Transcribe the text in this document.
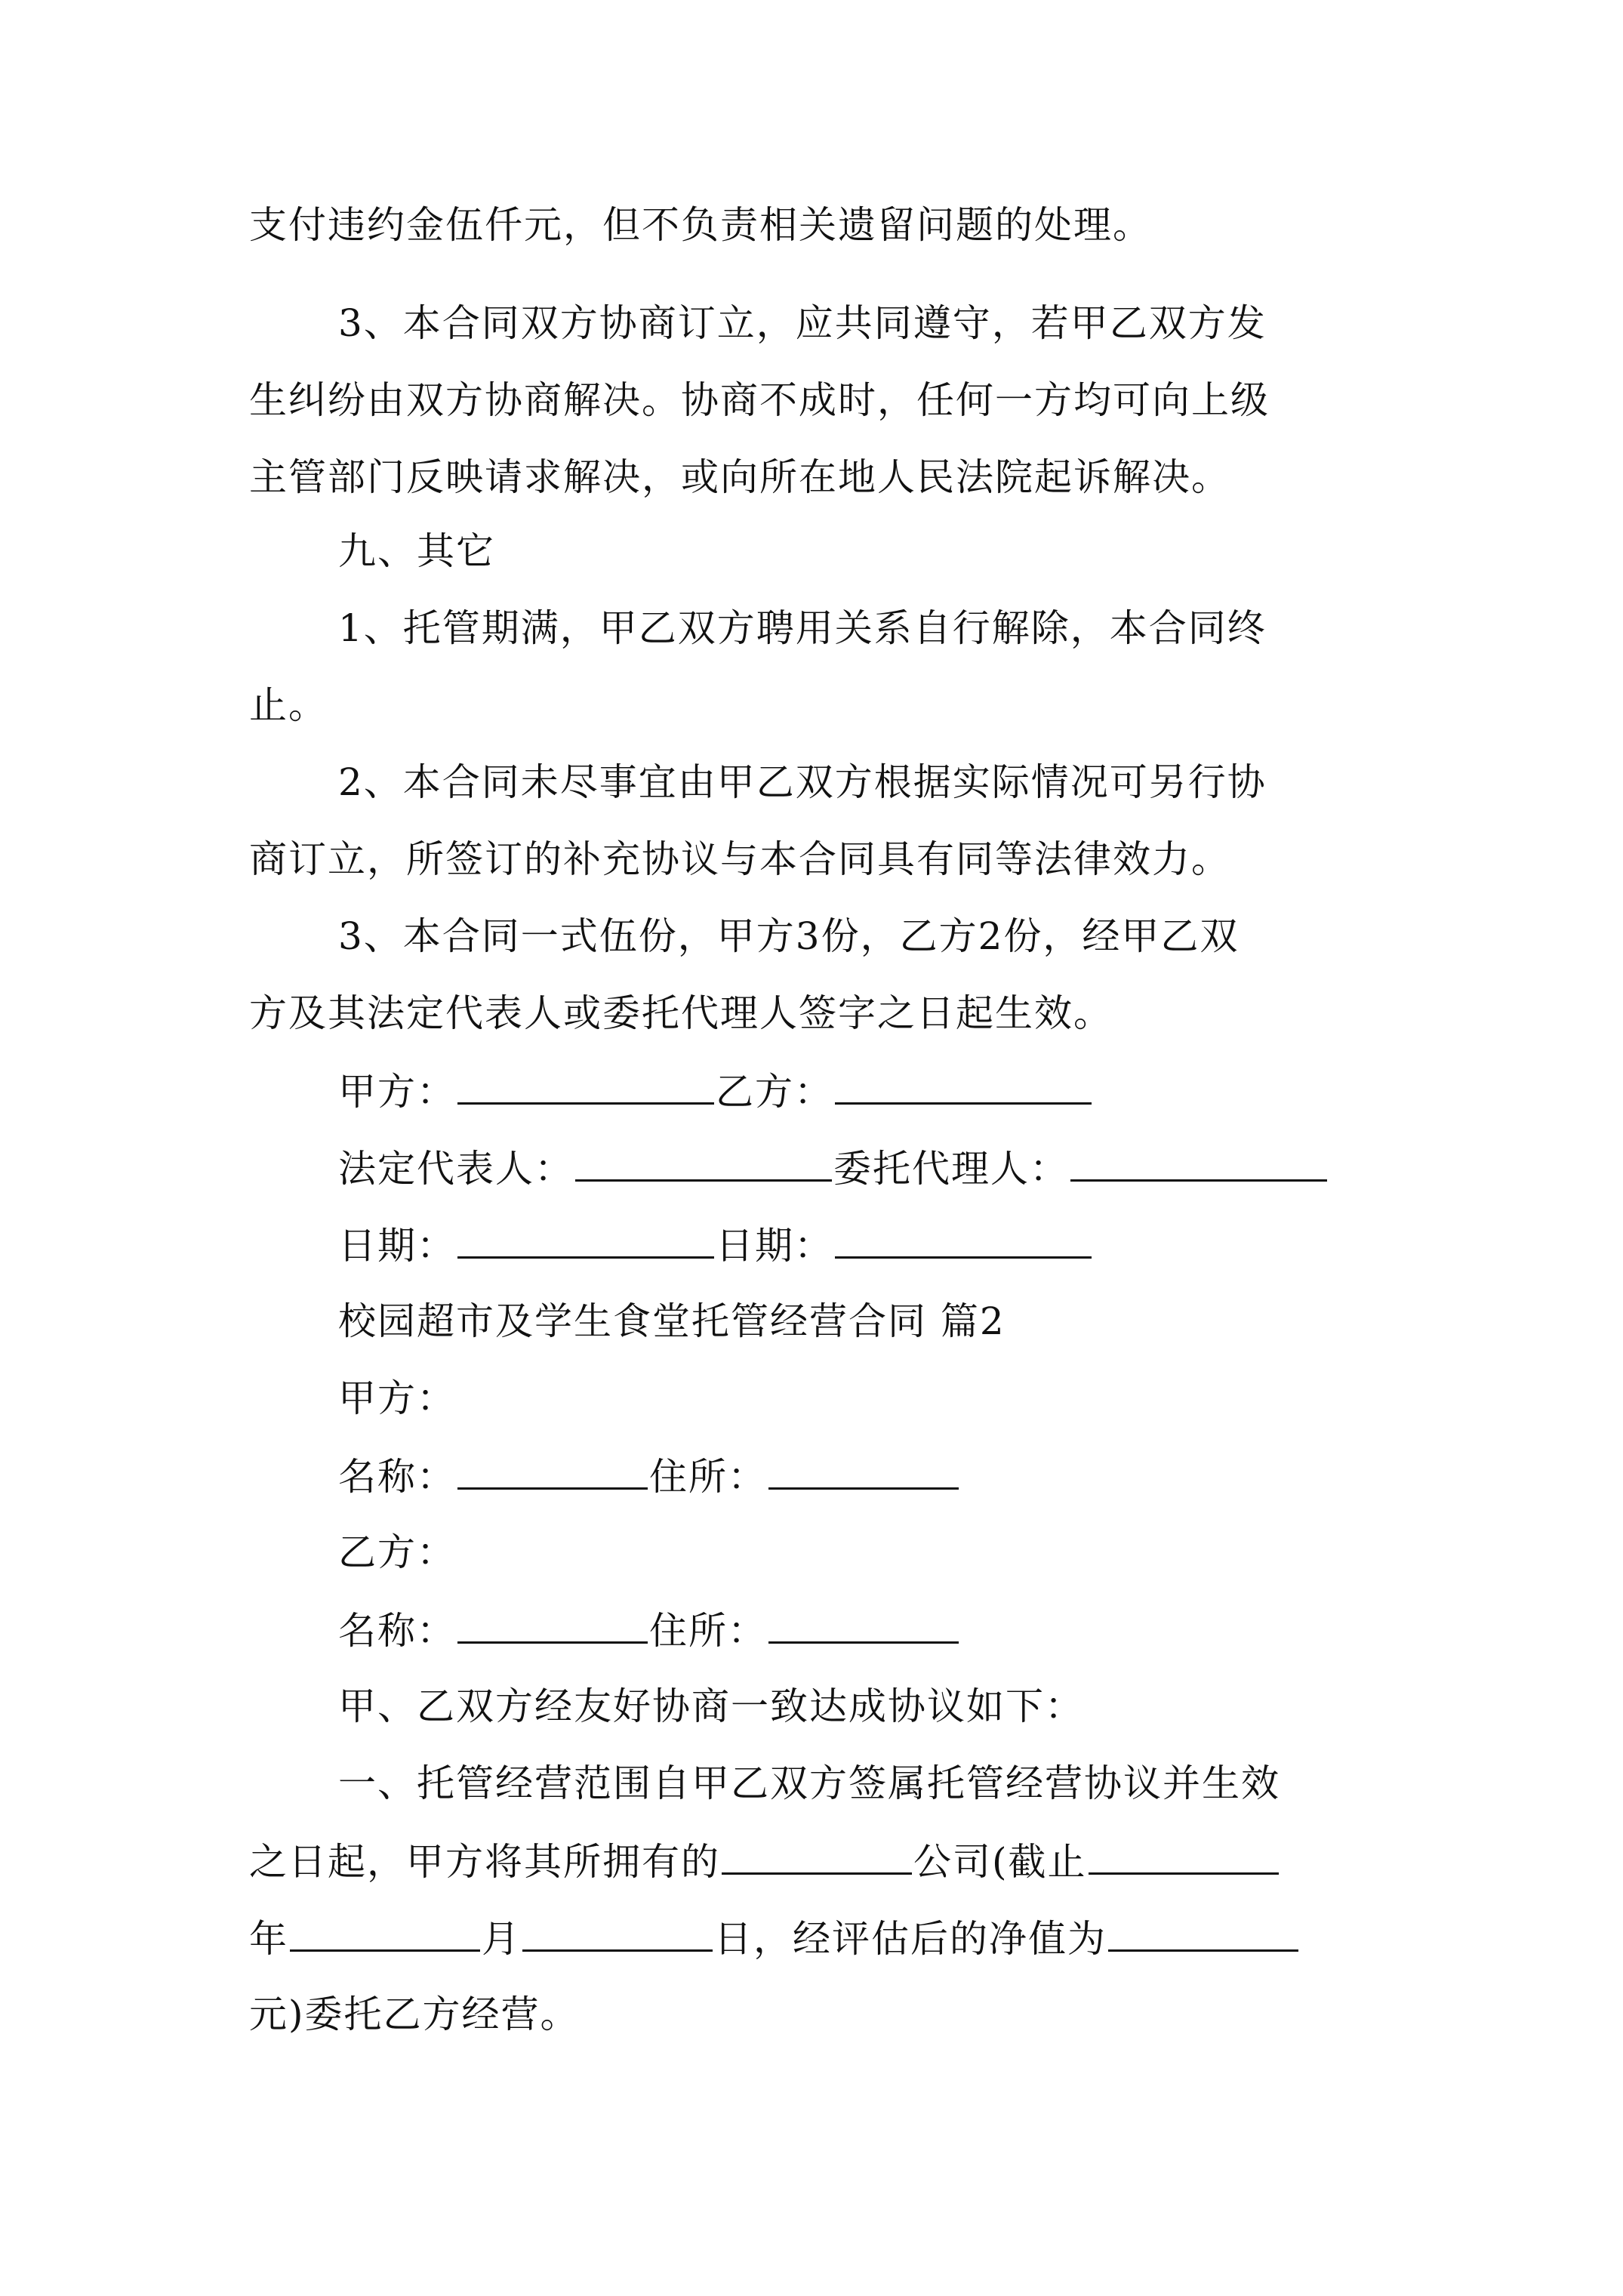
支付违约金伍仟元，但不负责相关遗留问题的处理。
3、本合同双方协商订立，应共同遵守，若甲乙双方发
生纠纷由双方协商解决。协商不成时，任何一方均可向上级
主管部门反映请求解决，或向所在地人民法院起诉解决。
九、其它
1、托管期满，甲乙双方聘用关系自行解除，本合同终
止。
2、本合同未尽事宜由甲乙双方根据实际情况可另行协
商订立，所签订的补充协议与本合同具有同等法律效力。
3、本合同一式伍份，甲方3份，乙方2份，经甲乙双
方及其法定代表人或委托代理人签字之日起生效。
甲方：	乙方：
法定代表人：	委托代理人：
日期：	日期：
校园超市及学生食堂托管经营合同 篇2
甲方：
名称：	住所：
乙方：
名称：	住所：
甲、乙双方经友好协商一致达成协议如下：
一、托管经营范围自甲乙双方签属托管经营协议并生效
之日起，甲方将其所拥有的	公司(截止
年	月	日，经评估后的净值为
元)委托乙方经营。
